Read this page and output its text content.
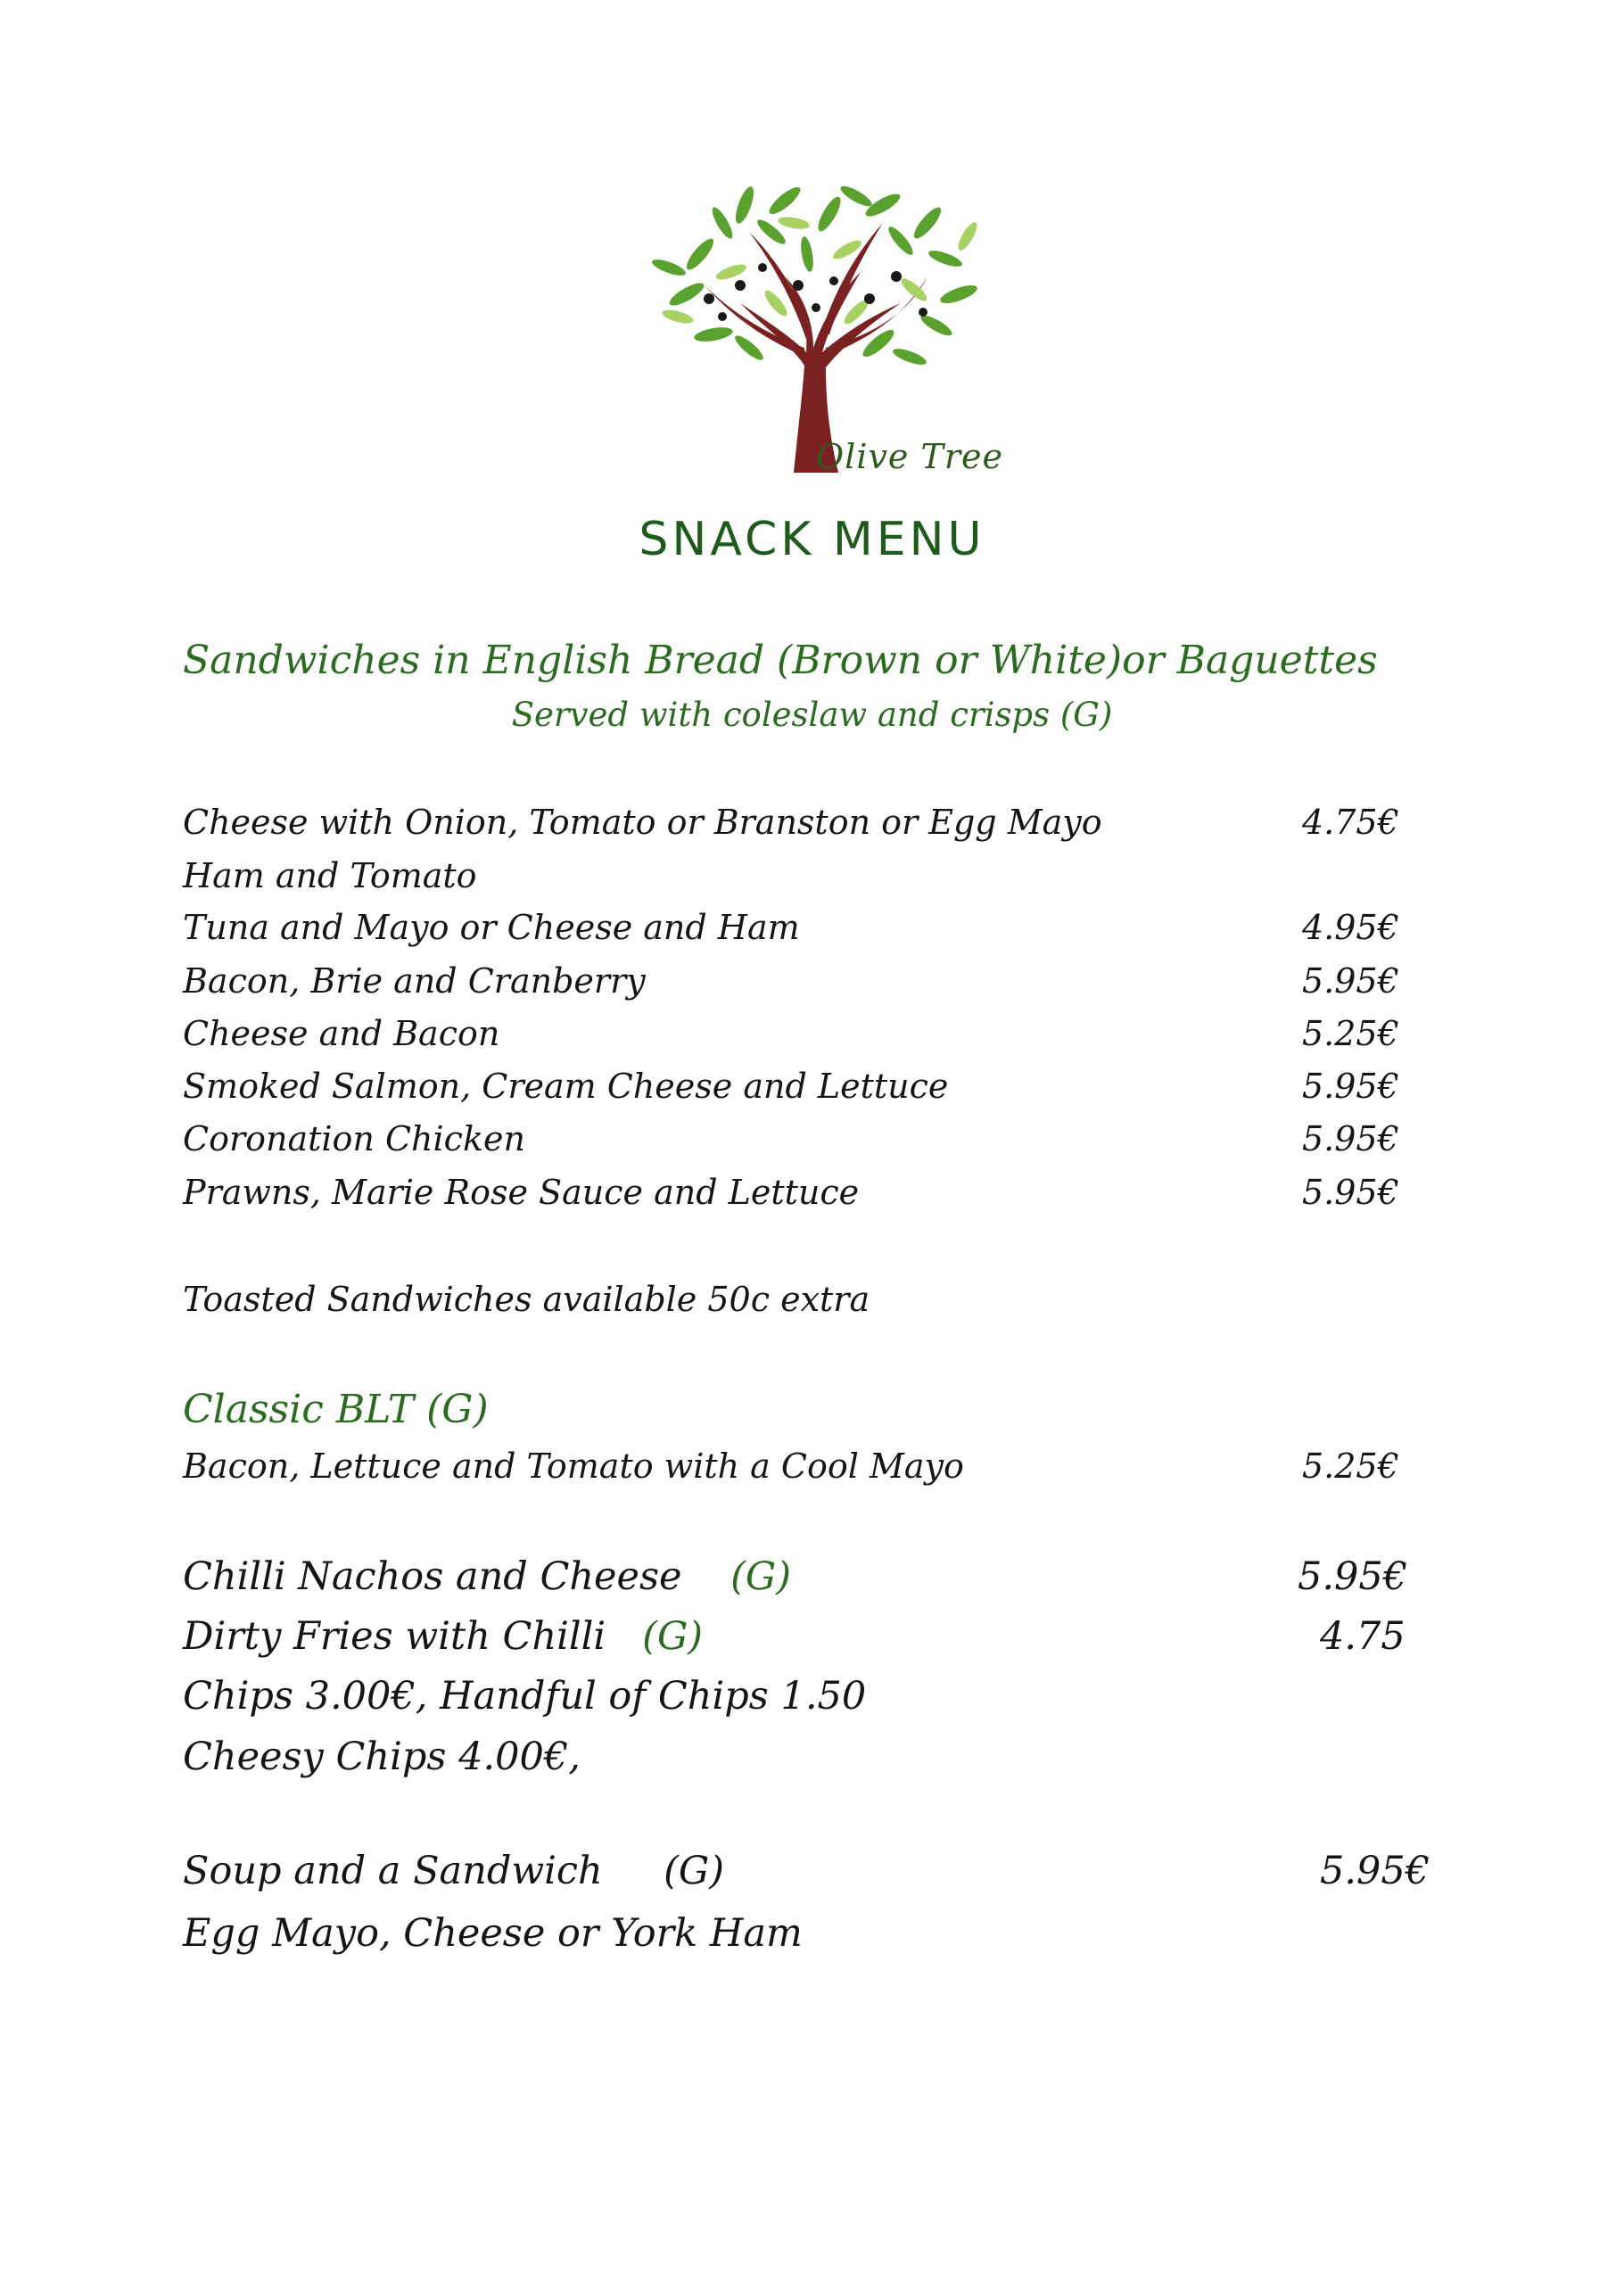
Olive Tree
SNACK MENU
Sandwiches in English Bread (Brown or White)or Baguettes
Served with coleslaw and crisps (G)
Cheese with Onion, Tomato or Branston or Egg Mayo	4.75€
Ham and Tomato
Tuna and Mayo or Cheese and Ham	4.95€
Bacon, Brie and Cranberry	5.95€
Cheese and Bacon	5.25€
Smoked Salmon, Cream Cheese and Lettuce	5.95€
Coronation Chicken	5.95€
Prawns, Marie Rose Sauce and Lettuce	5.95€
Toasted Sandwiches available 50c extra
Classic BLT (G)
Bacon, Lettuce and Tomato with a Cool Mayo	5.25€
Chilli Nachos and Cheese (G)	5.95€
Dirty Fries with Chilli (G)	4.75
Chips 3.00€, Handful of Chips 1.50
Cheesy Chips 4.00€,
Soup and a Sandwich (G)	5.95€
Egg Mayo, Cheese or York Ham
